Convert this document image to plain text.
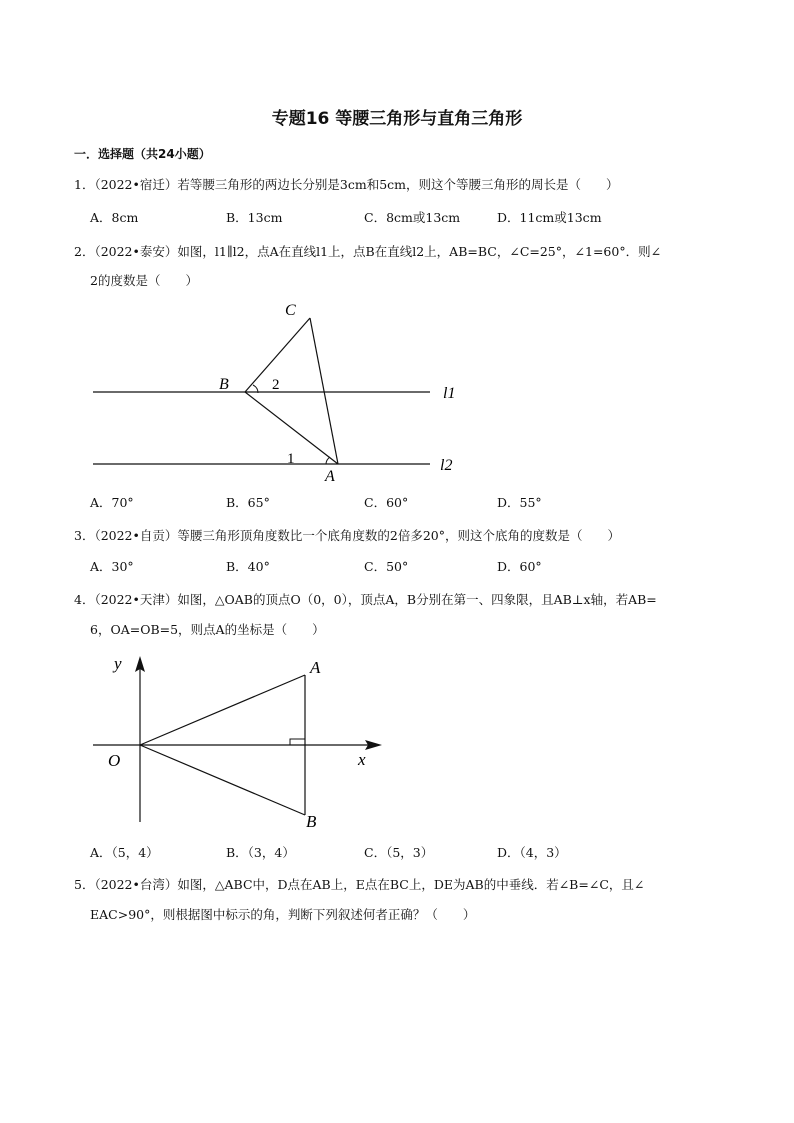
专题16 等腰三角形与直角三角形
一．选择题（共24小题）
1．（2022•宿迁）若等腰三角形的两边长分别是3cm和5cm，则这个等腰三角形的周长是（　　）
A．8cm	B．13cm	C．8cm或13cm	D．11cm或13cm
2．（2022•泰安）如图，l1∥l2，点A在直线l1上，点B在直线l2上，AB=BC，∠C=25°，∠1=60°．则∠
2的度数是（　　）
C
B	2
1
A
l1
l2
A．70°	B．65°	C．60°	D．55°
3．（2022•自贡）等腰三角形顶角度数比一个底角度数的2倍多20°，则这个底角的度数是（　　）
A．30°	B．40°	C．50°	D．60°
4．（2022•天津）如图，△OAB的顶点O（0，0），顶点A，B分别在第一、四象限，且AB⊥x轴，若AB=
6，OA=OB=5，则点A的坐标是（　　）
y
x
O
A
B
A．（5，4）	B．（3，4）	C．（5，3）	D．（4，3）
5．（2022•台湾）如图，△ABC中，D点在AB上，E点在BC上，DE为AB的中垂线．若∠B=∠C，且∠
EAC>90°，则根据图中标示的角，判断下列叙述何者正确？（　　）
